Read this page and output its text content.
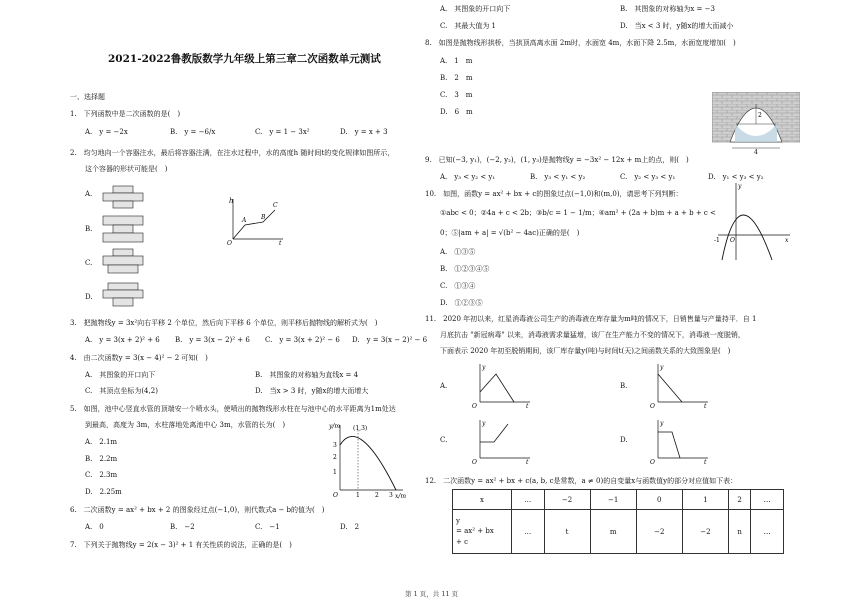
2021-2022鲁教版数学九年级上第三章二次函数单元测试
一、选择题
1.　下列函数中是二次函数的是(　)
A.　y = −2x	B.　y = −6/x	C.　y = 1 − 3x²	D.　y = x + 3
2.　均匀地向一个容器注水，最后将容器注满，在注水过程中，水的高度h 随时间t的变化规律如图所示，
这个容器的形状可能是(　)
A.
B.
C.
D.
h
t
O
A B
C
3.　把抛物线y = 3x²向右平移 2 个单位，然后向下平移 6 个单位，则平移后抛物线的解析式为(　)
A.　y = 3(x + 2)² + 6 B.　y = 3(x − 2)² + 6 C.　y = 3(x + 2)² − 6 D.　y = 3(x − 2)² − 6
4.　由二次函数y = 3(x − 4)² − 2 可知(　)
A.　其图象的开口向下	B.　其图象的对称轴为直线x = 4
C.　其顶点坐标为(4,2)	D.　当x > 3 时，y随x的增大而增大
5.　如图，池中心竖直水管的顶端安一个喷水头，使喷出的抛物线形水柱在与池中心的水平距离为1m处达
到最高，高度为 3m，水柱落地处离池中心 3m，水管的长为(　)
A.　2.1m
B.　2.2m
C.　2.3m
D.　2.25m
y/m
x/m
(1,3)
O
1
2
3
1	2 3
6.　二次函数y = ax² + bx + 2 的图象经过点(−1,0)，则代数式a − b的值为(　)
A.　0	B.　−2	C.　−1	D.　2
7.　下列关于抛物线y = 2(x − 3)² + 1 有关性质的说法，正确的是(　)
A.　其图象的开口向下	B.　其图象的对称轴为x = −3
C.　其最大值为 1	D.　当x < 3 时，y随x的增大而减小
8.　如图是抛物线形拱桥，当拱顶高离水面 2m时，水面宽 4m，水面下降 2.5m，水面宽度增加(　)
A.　1　m
B.　2　m
C.　3　m
D.　6　m	2
4
9.　已知(−3, y₁)，(−2, y₂)，(1, y₃)是抛物线y = −3x² − 12x + m上的点，则(　)
A.　y₃ < y₂ < y₁	B.　y₃ < y₁ < y₂	C.　y₂ < y₃ < y₁	D.　y₁ < y₃ < y₂
10.　如图，函数y = ax² + bx + c的图象过点(−1,0)和(m,0)，请思考下列判断：
①abc < 0；②4a + c < 2b；③b/c = 1 − 1/m；④am² + (2a + b)m + a + b + c <
0；⑤|am + a| = √(b² − 4ac)正确的是(　)
A.　①③⑤
B.　①②③④⑤
C.　①③④
D.　①②③⑤
y
x
O
-1
11.　2020 年初以来，红星消毒液公司生产的消毒液在库存量为m吨的情况下，日销售量与产量持平．自 1
月底抗击 "新冠病毒" 以来，消毒液需求量猛增，该厂在生产能力不变的情况下，消毒液一度脱销，
下面表示 2020 年初至脱销期间，该厂库存量y(吨)与时间t(天)之间函数关系的大致图象是(　)
A.	B.
C.	D.
y
t
O
y
t
O
y
t
O
y
t
O
12.　二次函数y = ax² + bx + c(a, b, c是常数，a ≠ 0)的自变量x与函数值y的部分对应值如下表：
x	…	−2	−1	0	1	2	…

y
= ax² + bx
+ c	…	t	m	−2	−2	n	…
第 1 页，共 11 页
